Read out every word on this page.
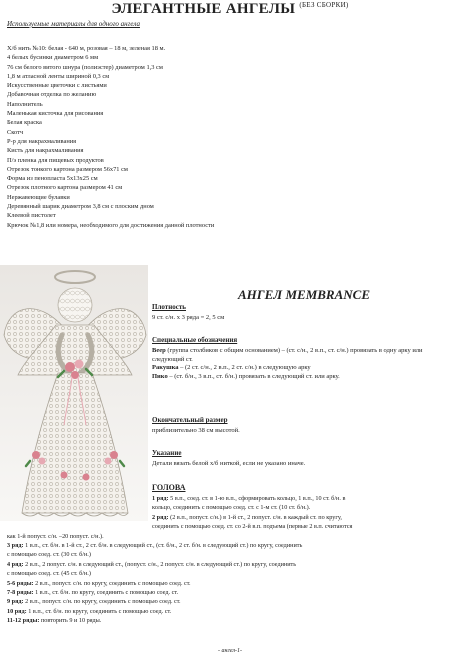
ЭЛЕГАНТНЫЕ АНГЕЛЫ $^{(БЕЗ СБОРКИ)}$
Используемые материалы для одного ангела
Х/б нить №10: белая - 640 м, розовая – 18 м, зеленая 18 м.
4 белых бусинки диаметром 6 мм
76 см белого витого шнура (полиэстер) диаметром 1,3 см
1,8 м атласной ленты шириной 0,3 см
Искусственные цветочки с листьями
Добавочная отделка по желанию
Наполнитель
Маленькая кисточка для рисования
Белая краска
Скотч
Р-р для накрахмаливания
Кисть для накрахмаливания
П/э пленка для пищевых продуктов
Отрезок тонкого картона размером 56х71 см
Форма из пенопласта 5х13х25 см
Отрезок плотного картона размером 41 см
Нержавеющие булавки
Деревянный шарик диаметром 3,8 см с плоским дном
Клеевой пистолет
Крючок №1,8 или номера, необходимого для достижения данной плотности
АНГЕЛ MEMBRANCE
Плотность
9 ст. с/н. х 3 ряда = 2, 5 см
Специальные обозначения
Веер (группа столбиков с общим основанием) – (ст. с/н., 2 в.п., ст. с/н.) провязать в одну арку или следующий ст.
Ракушка – (2 ст. с/н., 2 в.п., 2 ст. с/н.) в следующую арку
Пико – (ст. б/н., 3 в.п., ст. б/н.) провязать в следующий ст. или арку.
Окончательный размер
приблизительно 38 см высотой.
Указание
Детали вязать белой х/б ниткой, если не указано иначе.
ГОЛОВА
1 ряд: 5 в.п., соед. ст. в 1-ю в.п., сформировать кольцо, 1 в.п., 10 ст. б/н. в
кольцо, соединить с помощью соед. ст. с 1-м ст. (10 ст. б/н.).
2 ряд: (2 в.п., попуст. с/н.) в 1-й ст., 2 попуст. с/н. в каждый ст. по кругу,
соединить с помощью соед. ст. со 2-й в.п. подъема (первые 2 в.п. считаются
как 1-й попуст. с/н. –20 попуст. с/н.).
3 ряд: 1 в.п., ст. б/н. в 1-й ст., 2 ст. б/н. в следующий ст., (ст. б/н., 2 ст. б/н. в следующий ст.) по кругу, соединить
с помощью соед. ст. (30 ст. б/н.)
4 ряд: 2 в.п., 2 попуст. с/н. в следующий ст., (попуст. с/н., 2 попуст. с/н. в следующий ст.) по кругу, соединить
с помощью соед. ст. (45 ст. б/н.)
5-6 ряды: 2 в.п., попуст. с/н. по кругу, соединить с помощью соед. ст.
7-8 ряды: 1 в.п., ст. б/н. по кругу, соединить с помощью соед. ст.
9 ряд: 2 в.п., попуст. с/н. по кругу, соединить с помощью соед. ст.
10 ряд: 1 в.п., ст. б/н. по кругу, соединить с помощью соед. ст.
11-12 ряды: повторить 9 и 10 ряды.
- ангел-1-
